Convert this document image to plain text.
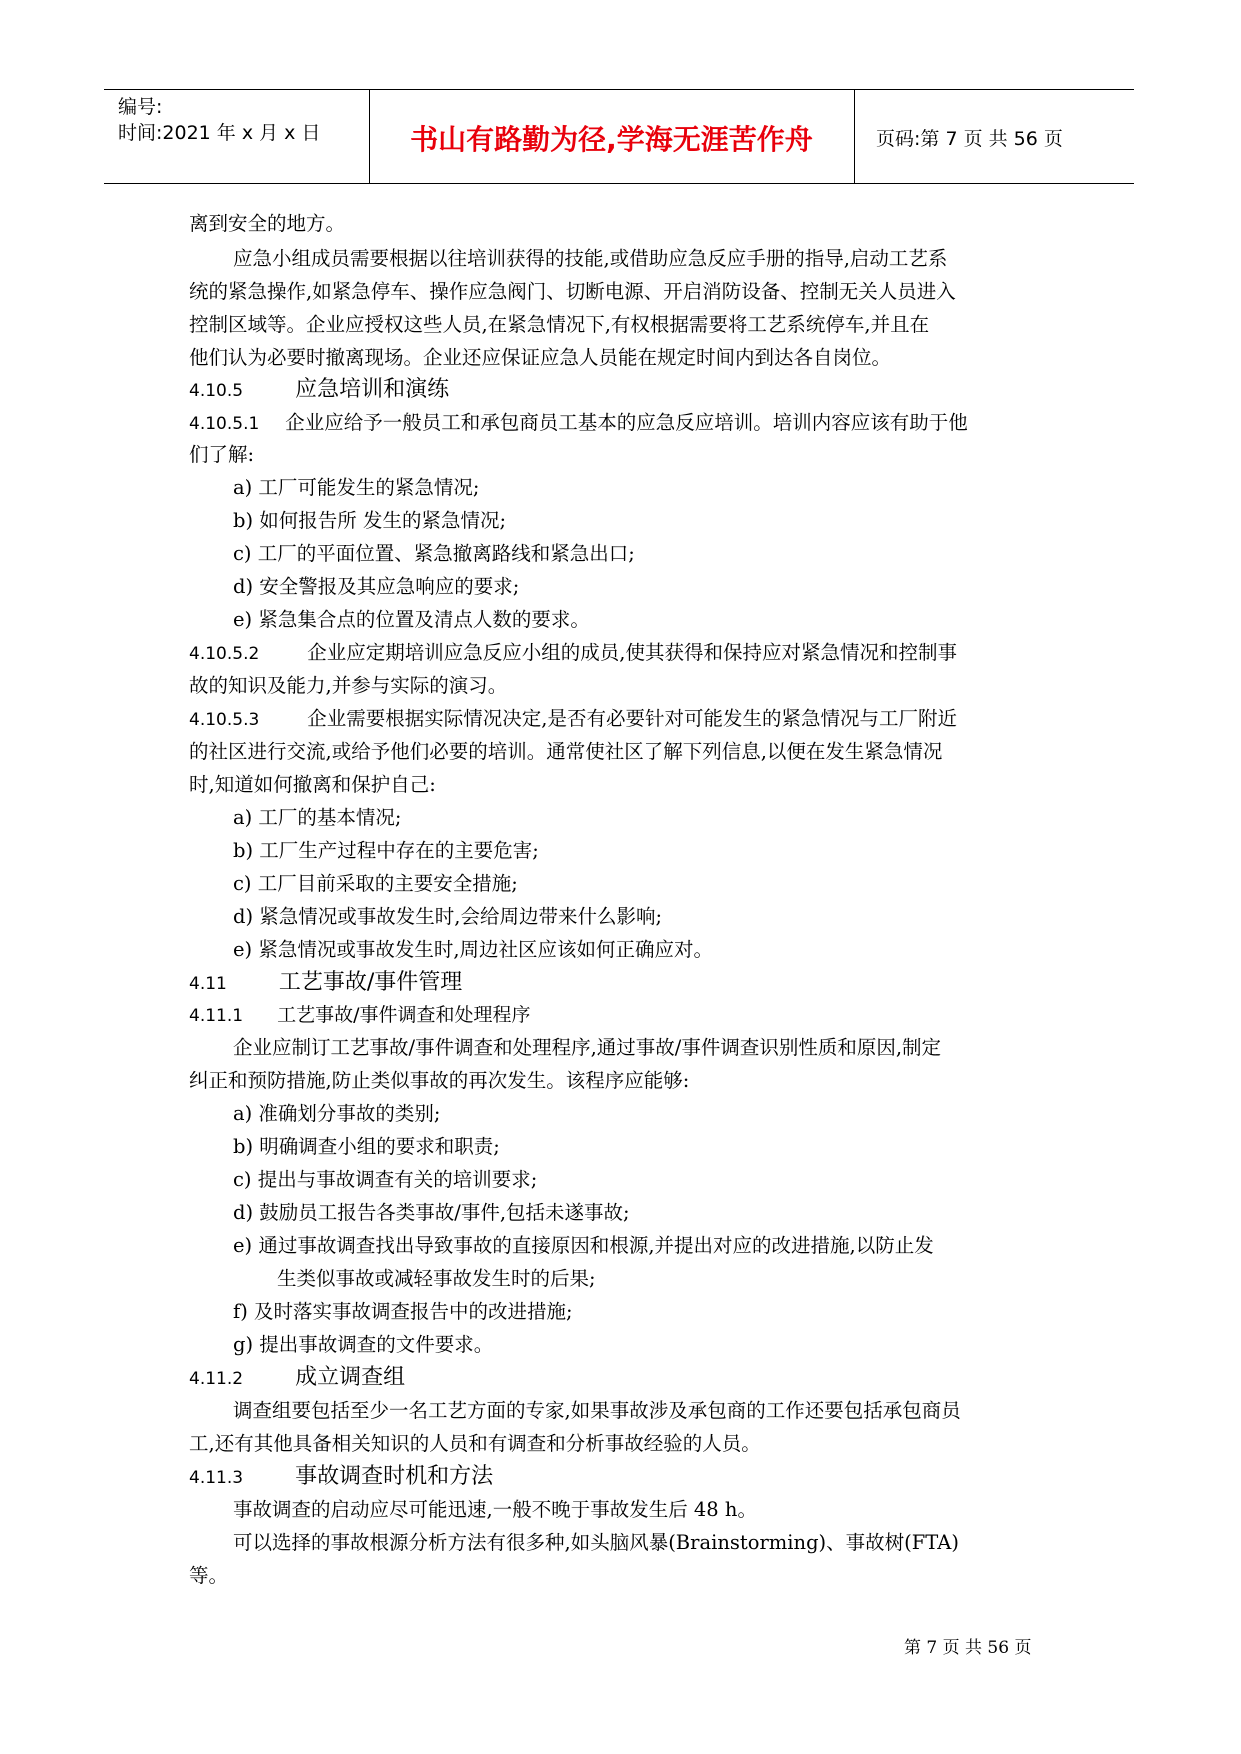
编号:
时间:2021 年 x 月 x 日	书山有路勤为径,学海无涯苦作舟	页码:第 7 页 共 56 页
离到安全的地方。
应急小组成员需要根据以往培训获得的技能,或借助应急反应手册的指导,启动工艺系
统的紧急操作,如紧急停车、操作应急阀门、切断电源、开启消防设备、控制无关人员进入
控制区域等。企业应授权这些人员,在紧急情况下,有权根据需要将工艺系统停车,并且在
他们认为必要时撤离现场。企业还应保证应急人员能在规定时间内到达各自岗位。
4.10.5 应急培训和演练
4.10.5.1 企业应给予一般员工和承包商员工基本的应急反应培训。培训内容应该有助于他
们了解:
a) 工厂可能发生的紧急情况;
b) 如何报告所 发生的紧急情况;
c) 工厂的平面位置、紧急撤离路线和紧急出口;
d) 安全警报及其应急响应的要求;
e) 紧急集合点的位置及清点人数的要求。
4.10.5.2 企业应定期培训应急反应小组的成员,使其获得和保持应对紧急情况和控制事
故的知识及能力,并参与实际的演习。
4.10.5.3 企业需要根据实际情况决定,是否有必要针对可能发生的紧急情况与工厂附近
的社区进行交流,或给予他们必要的培训。通常使社区了解下列信息,以便在发生紧急情况
时,知道如何撤离和保护自己:
a) 工厂的基本情况;
b) 工厂生产过程中存在的主要危害;
c) 工厂目前采取的主要安全措施;
d) 紧急情况或事故发生时,会给周边带来什么影响;
e) 紧急情况或事故发生时,周边社区应该如何正确应对。
4.11 工艺事故/事件管理
4.11.1 工艺事故/事件调查和处理程序
企业应制订工艺事故/事件调查和处理程序,通过事故/事件调查识别性质和原因,制定
纠正和预防措施,防止类似事故的再次发生。该程序应能够:
a) 准确划分事故的类别;
b) 明确调查小组的要求和职责;
c) 提出与事故调查有关的培训要求;
d) 鼓励员工报告各类事故/事件,包括未遂事故;
e) 通过事故调查找出导致事故的直接原因和根源,并提出对应的改进措施,以防止发
生类似事故或减轻事故发生时的后果;
f) 及时落实事故调查报告中的改进措施;
g) 提出事故调查的文件要求。
4.11.2 成立调查组
调查组要包括至少一名工艺方面的专家,如果事故涉及承包商的工作还要包括承包商员
工,还有其他具备相关知识的人员和有调查和分析事故经验的人员。
4.11.3 事故调查时机和方法
事故调查的启动应尽可能迅速,一般不晚于事故发生后 48 h。
可以选择的事故根源分析方法有很多种,如头脑风暴(Brainstorming)、事故树(FTA)
等。
第 7 页 共 56 页
